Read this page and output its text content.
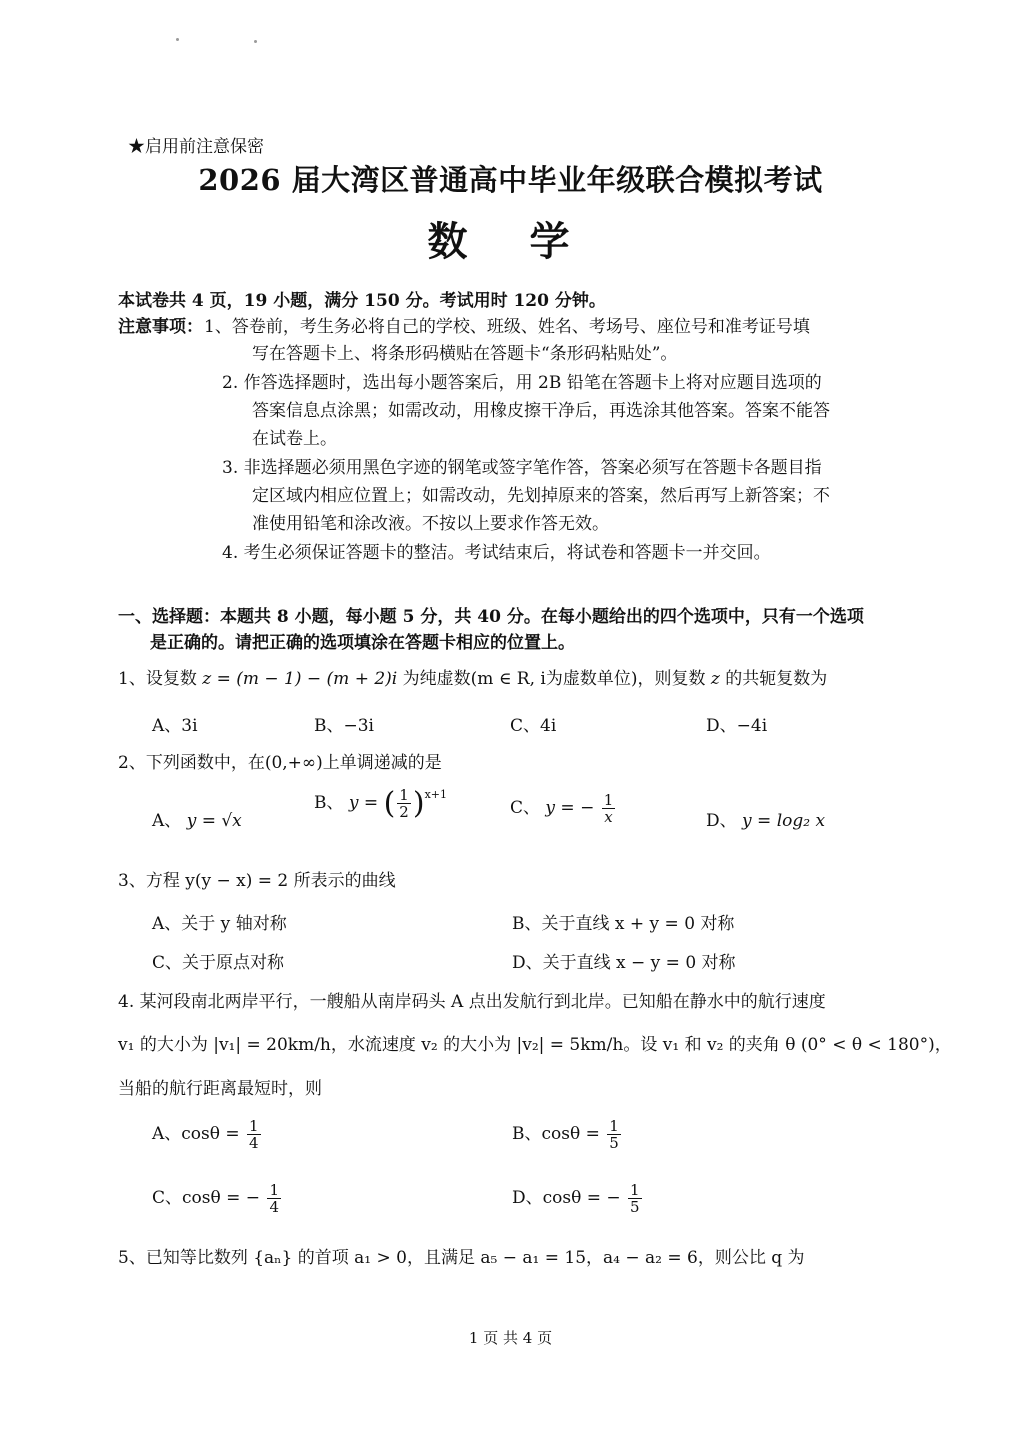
★启用前注意保密
2026 届大湾区普通高中毕业年级联合模拟考试
数 学
本试卷共 4 页，19 小题，满分 150 分。考试用时 120 分钟。
注意事项： 1、答卷前，考生务必将自己的学校、班级、姓名、考场号、座位号和准考证号填
写在答题卡上、将条形码横贴在答题卡“条形码粘贴处”。
2. 作答选择题时，选出每小题答案后，用 2B 铅笔在答题卡上将对应题目选项的
答案信息点涂黑；如需改动，用橡皮擦干净后，再选涂其他答案。答案不能答
在试卷上。
3. 非选择题必须用黑色字迹的钢笔或签字笔作答，答案必须写在答题卡各题目指
定区域内相应位置上；如需改动，先划掉原来的答案，然后再写上新答案；不
准使用铅笔和涂改液。不按以上要求作答无效。
4. 考生必须保证答题卡的整洁。考试结束后，将试卷和答题卡一并交回。
一、选择题：本题共 8 小题，每小题 5 分，共 40 分。在每小题给出的四个选项中，只有一个选项
是正确的。请把正确的选项填涂在答题卡相应的位置上。
1、设复数 z = (m − 1) − (m + 2)i 为纯虚数(m ∈ R, i为虚数单位)，则复数 z 的共轭复数为
A、3i	B、−3i	C、4i	D、−4i
2、下列函数中，在(0,+∞)上单调递减的是
A、 y = √x
B、 y = ( $\frac{1}{2} )^{x+1}$
C、 y = − $\frac{1}{x}$	D、 y = log₂ x
3、方程 y(y − x) = 2 所表示的曲线
A、关于 y 轴对称	B、关于直线 x + y = 0 对称
C、关于原点对称	D、关于直线 x − y = 0 对称
4. 某河段南北两岸平行，一艘船从南岸码头 A 点出发航行到北岸。已知船在静水中的航行速度
v₁ 的大小为 |v₁| = 20km/h，水流速度 v₂ 的大小为 |v₂| = 5km/h。设 v₁ 和 v₂ 的夹角 θ (0° < θ < 180°)，
当船的航行距离最短时，则
A、$\cos\theta = \frac{1}{4}$	B、$\cos\theta = \frac{1}{5}$
C、cosθ = − $\frac{1}{4}$	D、cosθ = − $\frac{1}{5}$
5、已知等比数列 {aₙ} 的首项 a₁ > 0，且满足 a₅ − a₁ = 15，a₄ − a₂ = 6，则公比 q 为
1 页 共 4 页
